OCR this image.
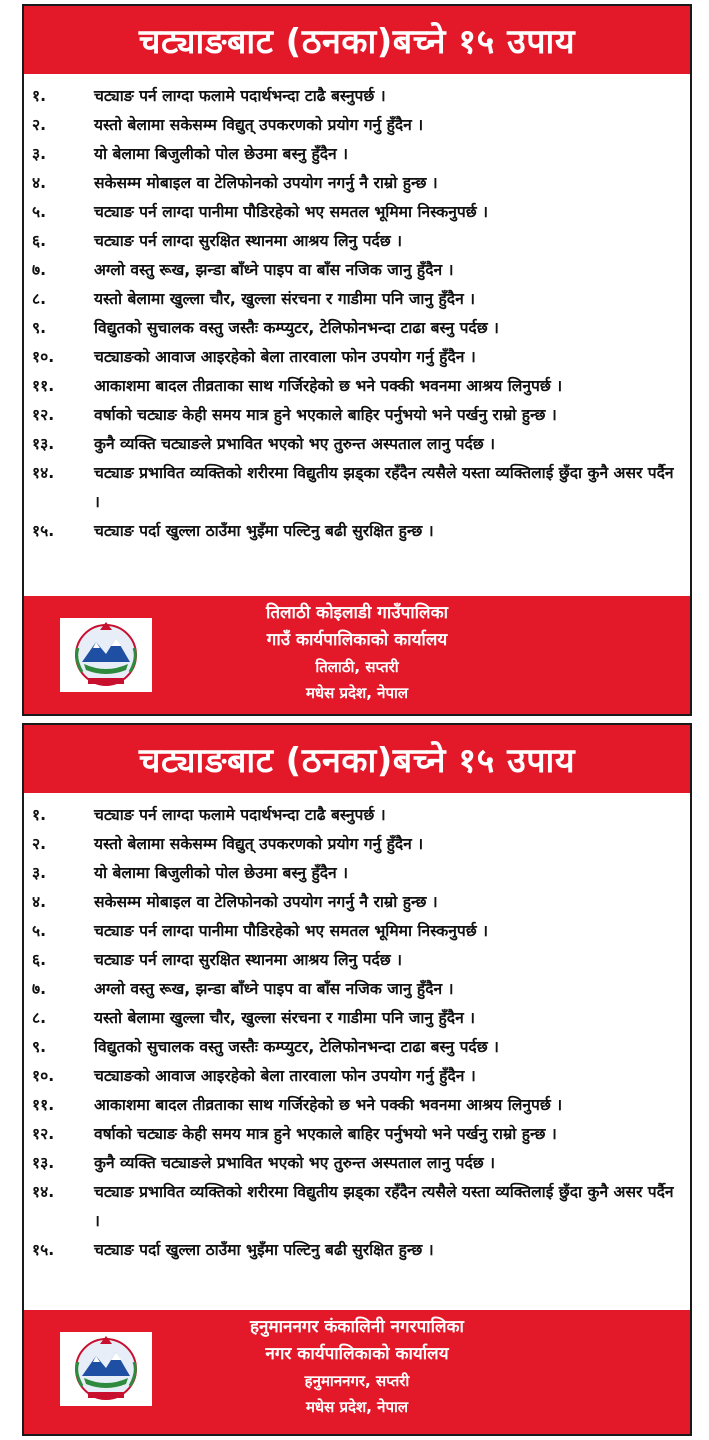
चट्याङबाट (ठनका)बच्ने १५ उपाय
१.	चट्याङ पर्न लाग्दा फलामे पदार्थभन्दा टाढै बस्नुपर्छ ।
२.	यस्तो बेलामा सकेसम्म विद्युत् उपकरणको प्रयोग गर्नु हुँदैन ।
३.	यो बेलामा बिजुलीको पोल छेउमा बस्नु हुँदैन ।
४.	सकेसम्म मोबाइल वा टेलिफोनको उपयोग नगर्नु नै राम्रो हुन्छ ।
५.	चट्याङ पर्न लाग्दा पानीमा पौडिरहेको भए समतल भूमिमा निस्कनुपर्छ ।
६.	चट्याङ पर्न लाग्दा सुरक्षित स्थानमा आश्रय लिनु पर्दछ ।
७.	अग्लो वस्तु रूख, झन्डा बाँध्ने पाइप वा बाँस नजिक जानु हुँदैन ।
८.	यस्तो बेलामा खुल्ला चौर, खुल्ला संरचना र गाडीमा पनि जानु हुँदैन ।
९.	विद्युतको सुचालक वस्तु जस्तैः कम्प्युटर, टेलिफोनभन्दा टाढा बस्नु पर्दछ ।
१०.	चट्याङको आवाज आइरहेको बेला तारवाला फोन उपयोग गर्नु हुँदैन ।
११.	आकाशमा बादल तीव्रताका साथ गर्जिरहेको छ भने पक्की भवनमा आश्रय लिनुपर्छ ।
१२.	वर्षाको चट्याङ केही समय मात्र हुने भएकाले बाहिर पर्नुभयो भने पर्खनु राम्रो हुन्छ ।
१३.	कुनै व्यक्ति चट्याङले प्रभावित भएको भए तुरुन्त अस्पताल लानु पर्दछ ।
१४.	चट्याङ प्रभावित व्यक्तिको शरीरमा विद्युतीय झड्का रहँदैन त्यसैले यस्ता व्यक्तिलाई छुँदा कुनै असर पर्दैन ।
१५.	चट्याङ पर्दा खुल्ला ठाउँमा भुइँमा पल्टिनु बढी सुरक्षित हुन्छ ।
तिलाठी कोइलाडी गाउँपालिका
गाउँ कार्यपालिकाको कार्यालय
तिलाठी, सप्तरी
मधेस प्रदेश, नेपाल
चट्याङबाट (ठनका)बच्ने १५ उपाय
१.	चट्याङ पर्न लाग्दा फलामे पदार्थभन्दा टाढै बस्नुपर्छ ।
२.	यस्तो बेलामा सकेसम्म विद्युत् उपकरणको प्रयोग गर्नु हुँदैन ।
३.	यो बेलामा बिजुलीको पोल छेउमा बस्नु हुँदैन ।
४.	सकेसम्म मोबाइल वा टेलिफोनको उपयोग नगर्नु नै राम्रो हुन्छ ।
५.	चट्याङ पर्न लाग्दा पानीमा पौडिरहेको भए समतल भूमिमा निस्कनुपर्छ ।
६.	चट्याङ पर्न लाग्दा सुरक्षित स्थानमा आश्रय लिनु पर्दछ ।
७.	अग्लो वस्तु रूख, झन्डा बाँध्ने पाइप वा बाँस नजिक जानु हुँदैन ।
८.	यस्तो बेलामा खुल्ला चौर, खुल्ला संरचना र गाडीमा पनि जानु हुँदैन ।
९.	विद्युतको सुचालक वस्तु जस्तैः कम्प्युटर, टेलिफोनभन्दा टाढा बस्नु पर्दछ ।
१०.	चट्याङको आवाज आइरहेको बेला तारवाला फोन उपयोग गर्नु हुँदैन ।
११.	आकाशमा बादल तीव्रताका साथ गर्जिरहेको छ भने पक्की भवनमा आश्रय लिनुपर्छ ।
१२.	वर्षाको चट्याङ केही समय मात्र हुने भएकाले बाहिर पर्नुभयो भने पर्खनु राम्रो हुन्छ ।
१३.	कुनै व्यक्ति चट्याङले प्रभावित भएको भए तुरुन्त अस्पताल लानु पर्दछ ।
१४.	चट्याङ प्रभावित व्यक्तिको शरीरमा विद्युतीय झड्का रहँदैन त्यसैले यस्ता व्यक्तिलाई छुँदा कुनै असर पर्दैन ।
१५.	चट्याङ पर्दा खुल्ला ठाउँमा भुइँमा पल्टिनु बढी सुरक्षित हुन्छ ।
हनुमाननगर कंकालिनी नगरपालिका
नगर कार्यपालिकाको कार्यालय
हनुमाननगर, सप्तरी
मधेस प्रदेश, नेपाल
